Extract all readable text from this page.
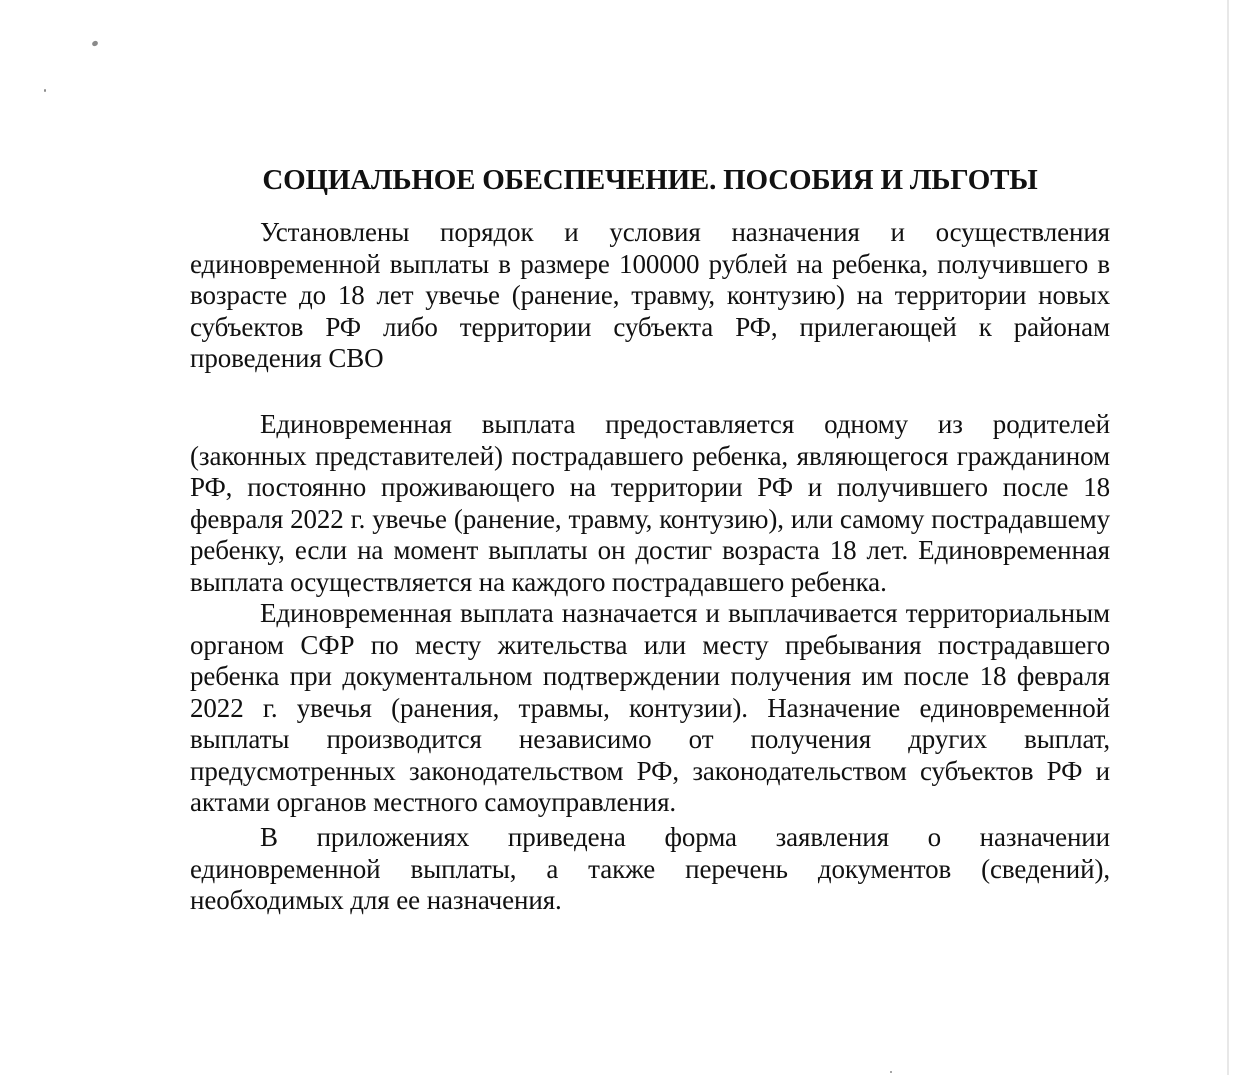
СОЦИАЛЬНОЕ ОБЕСПЕЧЕНИЕ. ПОСОБИЯ И ЛЬГОТЫ

Установлены порядок и условия назначения и осуществления единовременной выплаты в размере 100000 рублей на ребенка, получившего в возрасте до 18 лет увечье (ранение, травму, контузию) на территории новых субъектов РФ либо территории субъекта РФ, прилегающей к районам проведения СВО

Единовременная выплата предоставляется одному из родителей (законных представителей) пострадавшего ребенка, являющегося гражданином РФ, постоянно проживающего на территории РФ и получившего после 18 февраля 2022 г. увечье (ранение, травму, контузию), или самому пострадавшему ребенку, если на момент выплаты он достиг возраста 18 лет. Единовременная выплата осуществляется на каждого пострадавшего ребенка.

Единовременная выплата назначается и выплачивается территориальным органом СФР по месту жительства или месту пребывания пострадавшего ребенка при документальном подтверждении получения им после 18 февраля 2022 г. увечья (ранения, травмы, контузии). Назначение единовременной выплаты производится независимо от получения других выплат, предусмотренных законодательством РФ, законодательством субъектов РФ и актами органов местного самоуправления.

В приложениях приведена форма заявления о назначении единовременной выплаты, а также перечень документов (сведений), необходимых для ее назначения.
